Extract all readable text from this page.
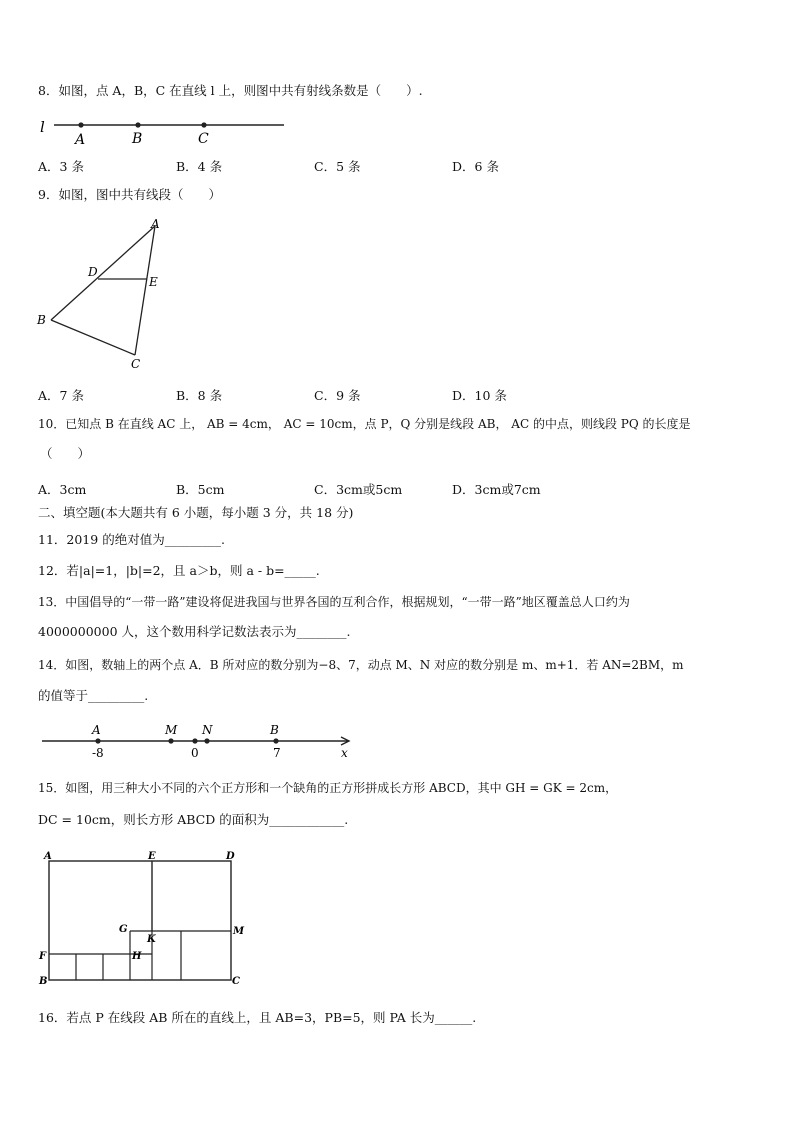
8．如图，点 A，B，C 在直线 l 上，则图中共有射线条数是（　　）.
l
A	B	C
A．3 条	B．4 条	C．5 条	D．6 条
9．如图，图中共有线段（　　）
A
D
E
B
C
A．7 条	B．8 条	C．9 条	D．10 条
10．已知点 B 在直线 AC 上， AB = 4cm， AC = 10cm，点 P，Q 分别是线段 AB， AC 的中点，则线段 PQ 的长度是
（　　）
A．3cm	B．5cm	C．3cm或5cm	D．3cm或7cm
二、填空题(本大题共有 6 小题，每小题 3 分，共 18 分)
11．2019 的绝对值为_________.
12．若|a|=1，|b|=2，且 a＞b，则 a - b=_____.
13．中国倡导的“一带一路”建设将促进我国与世界各国的互利合作，根据规划，“一带一路”地区覆盖总人口约为
4000000000 人，这个数用科学记数法表示为________.
14．如图，数轴上的两个点 A．B 所对应的数分别为−8、7，动点 M、N 对应的数分别是 m、m+1．若 AN=2BM，m
的值等于_________.
A	M N	B
-8	0	7	x
15．如图，用三种大小不同的六个正方形和一个缺角的正方形拼成长方形 ABCD，其中 GH = GK = 2cm，
DC = 10cm，则长方形 ABCD 的面积为____________.
A	E	D
G
K
M
H
F
B	C
16．若点 P 在线段 AB 所在的直线上，且 AB=3，PB=5，则 PA 长为______.
